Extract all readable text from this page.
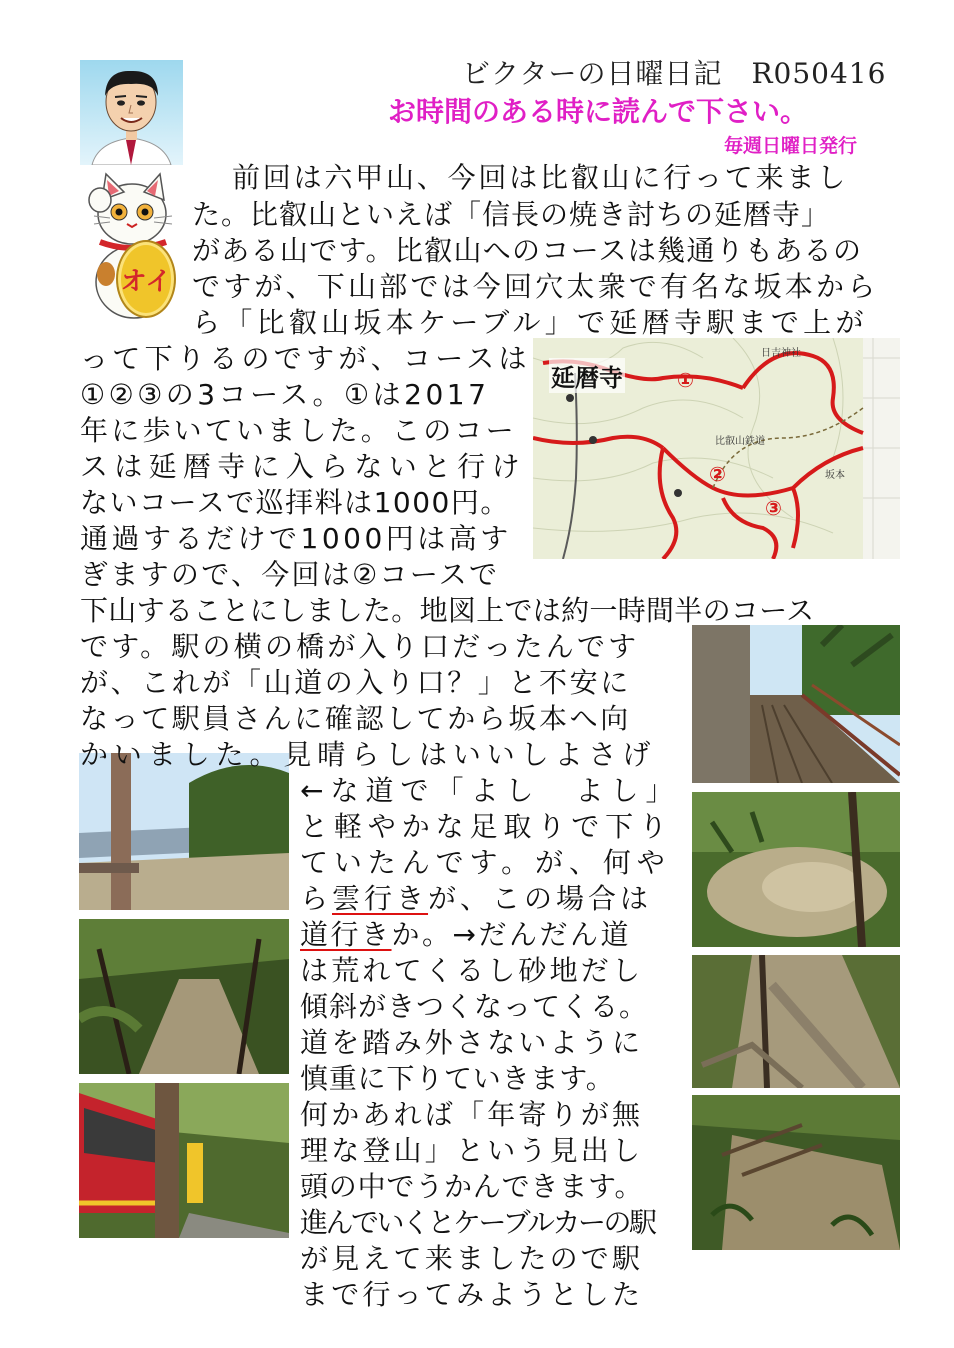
ビクターの日曜日記　R050416
お時間のある時に読んで下さい。
毎週日曜日発行
オイ
延暦寺	①
②
③
比叡山鉄道
日吉神社
坂本
前回は六甲山、今回は比叡山に行って来まし
た。比叡山といえば「信長の焼き討ちの延暦寺」
がある山です。比叡山へのコースは幾通りもあるの
ですが、下山部では今回穴太衆で有名な坂本から
ら「比叡山坂本ケーブル」で延暦寺駅まで上が
って下りるのですが、コースは
①②③の3コース。①は2017
年に歩いていました。このコー
スは延暦寺に入らないと行け
ないコースで巡拝料は1000円。
通過するだけで1000円は高す
ぎますので、今回は②コースで
下山することにしました。地図上では約一時間半のコース
です。駅の横の橋が入り口だったんです
が、これが「山道の入り口？」と不安に
なって駅員さんに確認してから坂本へ向
かいました。見晴らしはいいしよさげ
←な道で「よし　よし」
と軽やかな足取りで下り
ていたんです。が、何や
ら雲行きが、この場合は
道行きか。→だんだん道
は荒れてくるし砂地だし
傾斜がきつくなってくる。
道を踏み外さないように
慎重に下りていきます。
何かあれば「年寄りが無
理な登山」という見出し
頭の中でうかんできます。
進んでいくとケーブルカーの駅
が見えて来ましたので駅
まで行ってみようとした
